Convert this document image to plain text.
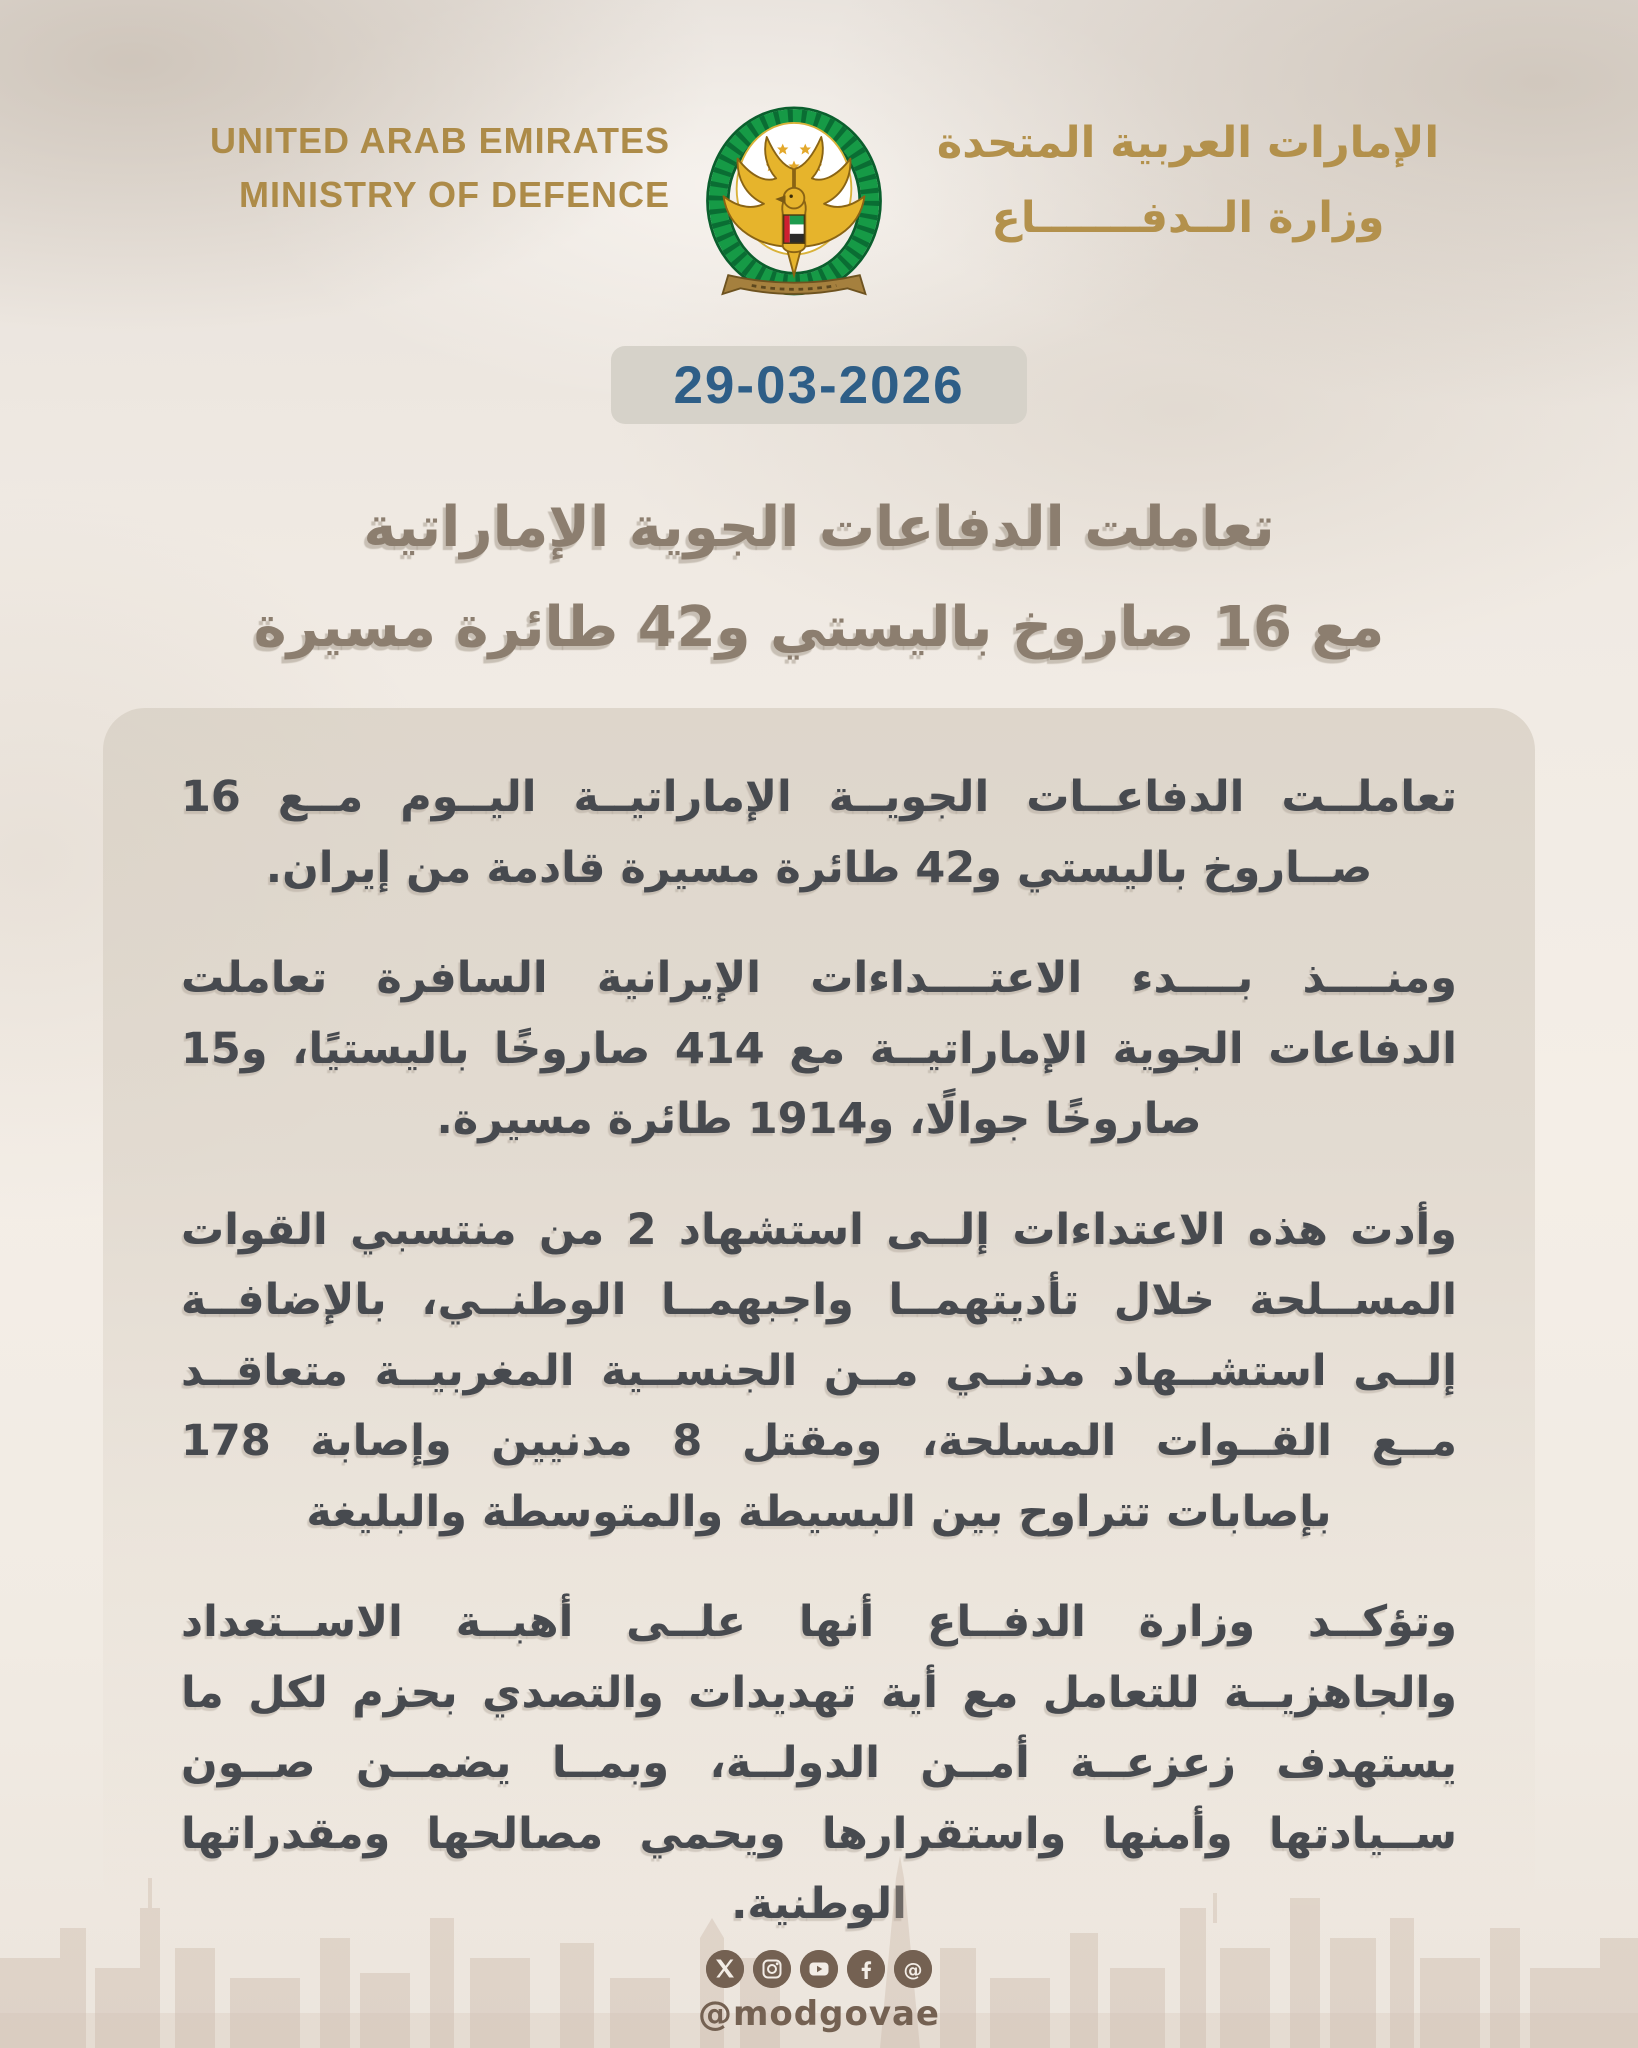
UNITED ARAB EMIRATES
MINISTRY OF DEFENCE
الإمارات العربية المتحدة
وزارة الــدفـــــــاع
29-03-2026
تعاملت الدفاعات الجوية الإماراتية
مع 16 صاروخ باليستي و42 طائرة مسيرة

تعاملــت الدفاعــات الجويــة الإماراتيــة اليــوم مــع 16 صــاروخ باليستي و42 طائرة مسيرة قادمة من إيران.

ومنــــذ بــــدء الاعتــــداءات الإيرانية السافرة تعاملت الدفاعات الجوية الإماراتيــة مع 414 صاروخًا باليستيًا، و15 صاروخًا جوالًا، و1914 طائرة مسيرة.

وأدت هذه الاعتداءات إلــى استشهاد 2 من منتسبي القوات المســلحة خلال تأديتهمــا واجبهمــا الوطنــي، بالإضافــة إلــى استشــهاد مدنــي مــن الجنســية المغربيــة متعاقــد مــع القــوات المسلحة، ومقتل 8 مدنيين وإصابة 178 بإصابات تتراوح بين البسيطة والمتوسطة والبليغة

وتؤكــد وزارة الدفــاع أنها علــى أهبــة الاســتعداد والجاهزيــة للتعامل مع أية تهديدات والتصدي بحزم لكل ما يستهدف زعزعــة أمــن الدولــة، وبمــا يضمــن صــون ســيادتها وأمنها واستقرارها ويحمي مصالحها ومقدراتها الوطنية.

@
@modgovae
